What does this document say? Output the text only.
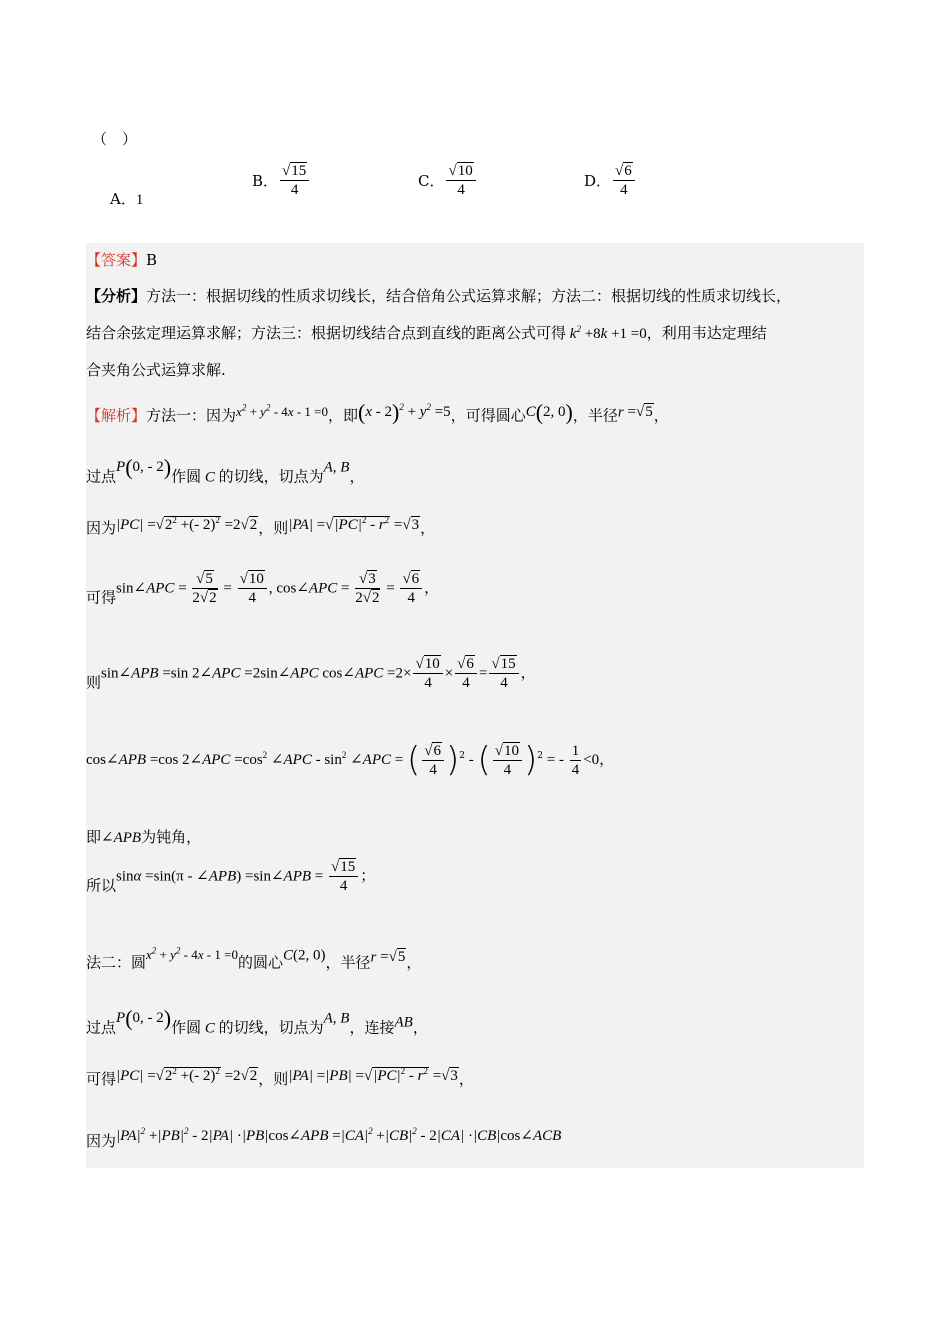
（　）
A．1
B． $\frac{√15}{4}$	C． $\frac{√10}{4}$	D． $\frac{√6}{4}$
【答案】B
【分析】方法一：根据切线的性质求切线长，结合倍角公式运算求解；方法二：根据切线的性质求切线长，
结合余弦定理运算求解；方法三：根据切线结合点到直线的距离公式可得 $k^2 +8k +1 =0$，利用韦达定理结
合夹角公式运算求解.
【解析】方法一：因为$x^2 + y^2 - 4x - 1 =0$，即$(x - 2)^2 + y^2 =5$，可得圆心C(2, 0)，半径r =√5，
过点P(0, - 2)作圆 C 的切线，切点为A, B，
因为$|PC| =√2^2$ +(- 2)$^2$ =2√2，则$|PA| =√|PC|^2 - r^2 =√3$，
可得sin∠APC = $\frac{√5}{2√2} = \frac{√10}{4}$ , cos∠APC = $\frac{√3}{2√2} = \frac{√6}{4}$ ，
则sin∠APB =sin 2∠APC =2sin∠APC cos∠APC $=2\times \frac{√10}{4} \times \frac{√6}{4} = \frac{√15}{4}$ ，
cos∠APB =cos 2∠APC $=\cos^2$ ∠APC - $\sin^2$ ∠APC = ( $\frac{√6}{4} )^2$ - ( $\frac{√10}{4} )^2$ = - $\frac{1}{4} <0$，
即∠APB为钝角，
所以sinα =sin(π - ∠APB) =sin∠APB = $\frac{√15}{4}$ ；
法二：圆$x^2 + y^2 - 4x - 1 =0$的圆心C(2, 0)，半径r =√5，
过点P(0, - 2)作圆 C 的切线，切点为A, B，连接AB，
可得$|PC| =√2^2$ +(- 2)$^2$ =2√2，则$|PA| =|PB| =√|PC|^2 - r^2 =√3$，
因为$|PA|^2 +|PB|^2 - 2|PA|$ ·|PB|cos∠APB $=|CA|^2 +|CB|^2 - 2|CA|$ ·|CB|cos∠ACB
